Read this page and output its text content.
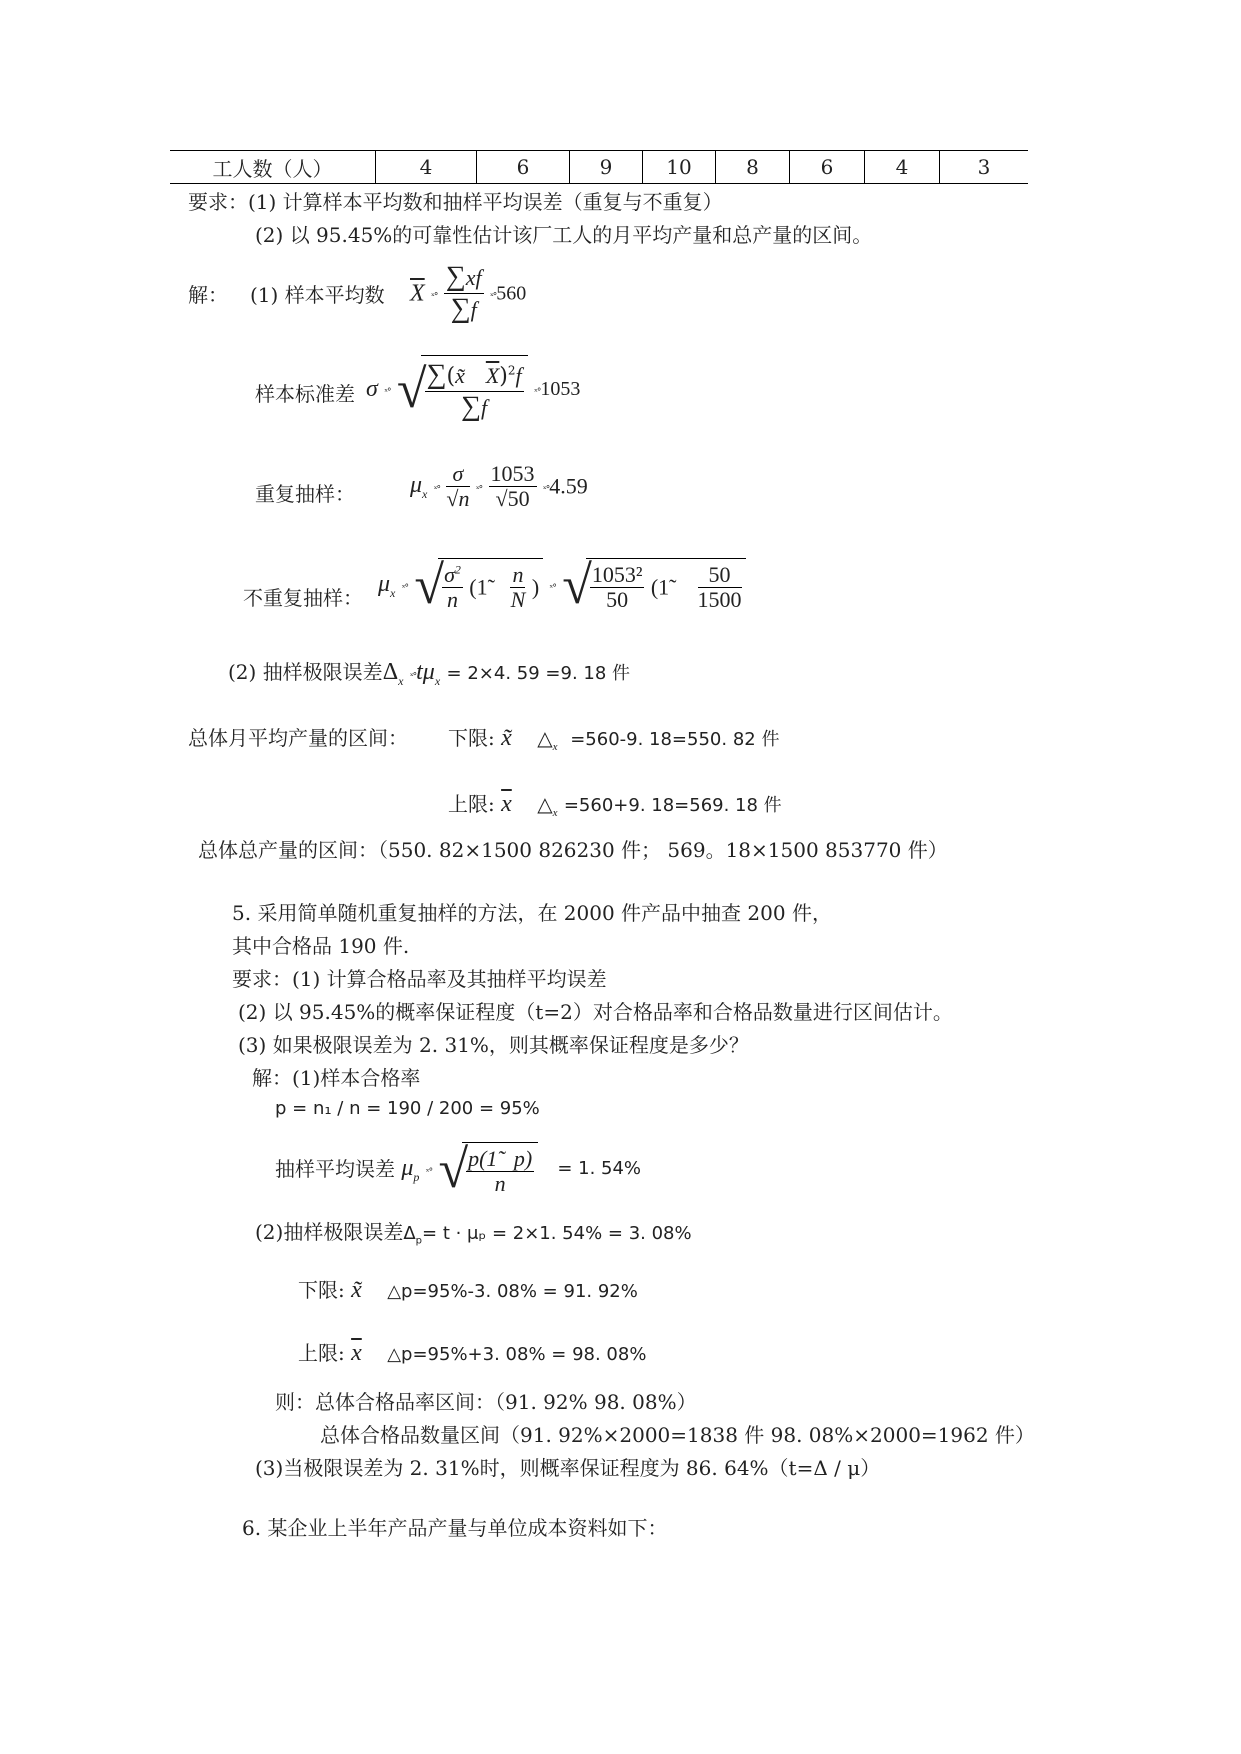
工人数（人）	4	6	9	10	8	6	4	3
要求：(1) 计算样本平均数和抽样平均误差（重复与不重复）
(2) 以 95.45%的可靠性估计该厂工人的月平均产量和总产量的区间。
解： (1) 样本平均数 $\overline{X}$ ˣ° $\frac{\sum xf}{\sum f}$ ˣ°560
样本标准差 σ ˣ° √
$\frac{\sum(x̃ \overline{X})^2f}{\sum f}$ ˣ°1053
重复抽样： $\mu_x$ ˣ° $\frac{\sigma}{√n}$ ˣ° $\frac{1053}{√50}$ ˣ°4.59
不重复抽样：
$\mu_x$ ˣ° √
$\frac{\sigma^2}{n}$ (1̃ $\frac{n}{N}$ ) ˣ° √
$\frac{\text{1053²}}{50}$ (1̃ $\frac{50}{1500}$
(2) 抽样极限误差$\Delta_x$ $ˣ^\circ t\mu_x = 2\times 4$. 59 =9. 18 件
总体月平均产量的区间： 下限: x̃ $\triangle_x =560-9$. 18=550. 82 件
上限: $\overline{x}$ $\triangle_x =560+9$. 18=569. 18 件
总体总产量的区间：（550. 82×1500 826230 件； 569。18×1500 853770 件）
5. 采用简单随机重复抽样的方法，在 2000 件产品中抽查 200 件，
其中合格品 190 件.
要求：(1) 计算合格品率及其抽样平均误差
(2) 以 95.45%的概率保证程度（t=2）对合格品率和合格品数量进行区间估计。
(3) 如果极限误差为 2. 31%，则其概率保证程度是多少？
解：(1)样本合格率
p = n₁ / n = 190 / 200 = 95%
抽样平均误差 $\mu_p$ ˣ° √
$\frac{p(1̃ p)}{n} = 1$. 54%
(2)抽样极限误差$\Delta_p= t \cdot \mu_p = 2\times 1$. 54% = 3. 08%
下限: x̃ △p=95%-3. 08% = 91. 92%
上限: $\overline{x}$ △p=95%+3. 08% = 98. 08%
则：总体合格品率区间：（91. 92% 98. 08%）
总体合格品数量区间（91. 92%×2000=1838 件 98. 08%×2000=1962 件）
(3)当极限误差为 2. 31%时，则概率保证程度为 86. 64%（t=Δ / μ）
6. 某企业上半年产品产量与单位成本资料如下：
